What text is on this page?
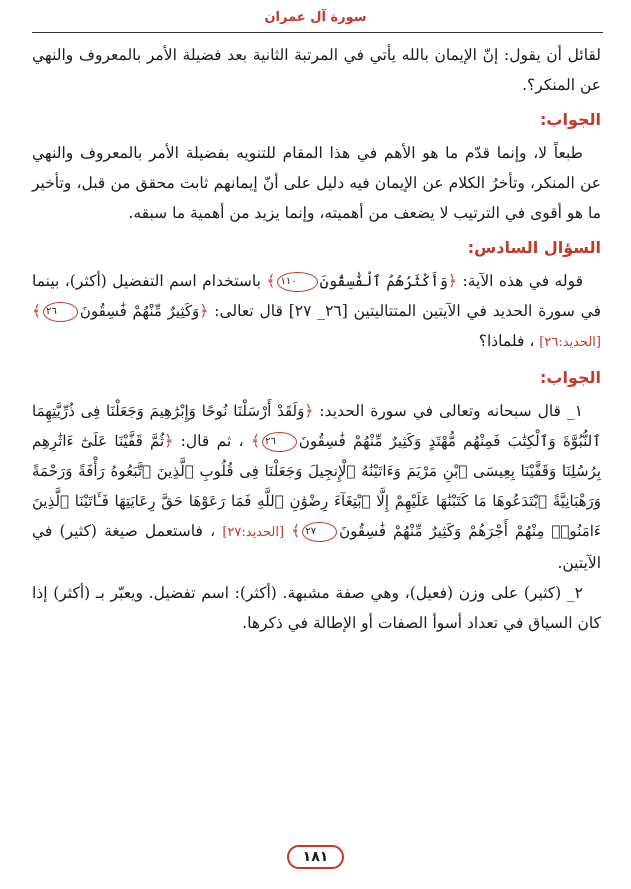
سورة آل عمران

لقائل أن يقول: إنّ الإيمان بالله يأتي في المرتبة الثانية بعد فضيلة الأمر بالمعروف والنهي عن المنكر؟.

الجواب:

طبعاً لا، وإنما قدّم ما هو الأهم في هذا المقام للتنويه بفضيلة الأمر بالمعروف والنهي عن المنكر، وتأخرُ الكلام عن الإيمان فيه دليل على أنّ إيمانهم ثابت محقق من قبل، وتأخير ما هو أقوى في الترتيب لا يضعف من أهميته، وإنما يزيد من أهمية ما سبقه.

السؤال السادس:

قوله في هذه الآية: ﴿وَأَكْثَرُهُمُ ٱلْفَٰسِقُونَ١١٠﴾ باستخدام اسم التفضيل (أكثر)، بينما في سورة الحديد في الآيتين المتتاليتين [٢٦_ ٢٧] قال تعالى: ﴿وَكَثِيرٌ مِّنْهُمْ فَٰسِقُونَ٢٦﴾ [الحديد:٢٦] ، فلماذا؟

الجواب:

١_ قال سبحانه وتعالى في سورة الحديد: ﴿وَلَقَدْ أَرْسَلْنَا نُوحًا وَإِبْرَٰهِيمَ وَجَعَلْنَا فِى ذُرِّيَّتِهِمَا ٱلنُّبُوَّةَ وَٱلْكِتَٰبَ فَمِنْهُم مُّهْتَدٍ وَكَثِيرٌ مِّنْهُمْ فَٰسِقُونَ٢٦﴾ ، ثم قال: ﴿ثُمَّ قَفَّيْنَا عَلَىٰٓ ءَاثَٰرِهِم بِرُسُلِنَا وَقَفَّيْنَا بِعِيسَى ٱبْنِ مَرْيَمَ وَءَاتَيْنَٰهُ ٱلْإِنجِيلَ وَجَعَلْنَا فِى قُلُوبِ ٱلَّذِينَ ٱتَّبَعُوهُ رَأْفَةً وَرَحْمَةً وَرَهْبَانِيَّةً ٱبْتَدَعُوهَا مَا كَتَبْنَٰهَا عَلَيْهِمْ إِلَّا ٱبْتِغَآءَ رِضْوَٰنِ ٱللَّهِ فَمَا رَعَوْهَا حَقَّ رِعَايَتِهَا فَـَٔاتَيْنَا ٱلَّذِينَ ءَامَنُوا۟ مِنْهُمْ أَجْرَهُمْ وَكَثِيرٌ مِّنْهُمْ فَٰسِقُونَ٢٧﴾ [الحديد:٢٧] ، فاستعمل صيغة (كثير) في الآيتين.

٢_ (كثير) على وزن (فعيل)، وهي صفة مشبهة. (أكثر): اسم تفضيل. ويعبّر بـ (أكثر) إذا كان السياق في تعداد أسوأ الصفات أو الإطالة في ذكرها.

١٨١
